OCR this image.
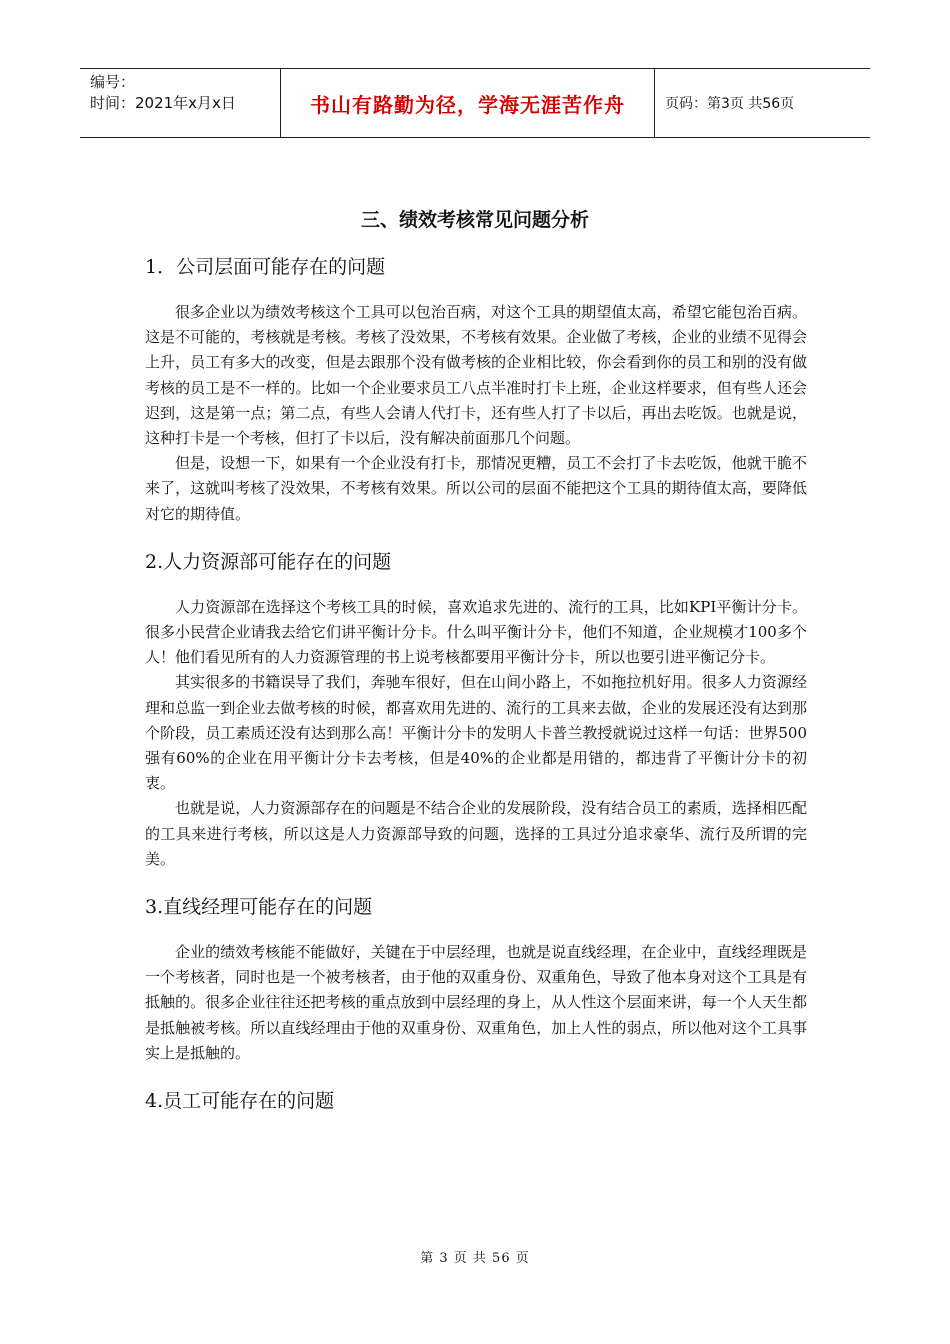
编号：
时间：2021年x月x日	书山有路勤为径，学海无涯苦作舟	页码：第3页 共56页
三、绩效考核常见问题分析
1．公司层面可能存在的问题

很多企业以为绩效考核这个工具可以包治百病，对这个工具的期望值太高，希望它能包治百病。这是不可能的，考核就是考核。考核了没效果，不考核有效果。企业做了考核，企业的业绩不见得会上升，员工有多大的改变，但是去跟那个没有做考核的企业相比较，你会看到你的员工和别的没有做考核的员工是不一样的。比如一个企业要求员工八点半准时打卡上班，企业这样要求，但有些人还会迟到，这是第一点；第二点，有些人会请人代打卡，还有些人打了卡以后，再出去吃饭。也就是说，这种打卡是一个考核，但打了卡以后，没有解决前面那几个问题。

但是，设想一下，如果有一个企业没有打卡，那情况更糟，员工不会打了卡去吃饭，他就干脆不来了，这就叫考核了没效果，不考核有效果。所以公司的层面不能把这个工具的期待值太高，要降低对它的期待值。

2.人力资源部可能存在的问题

人力资源部在选择这个考核工具的时候，喜欢追求先进的、流行的工具，比如KPI平衡计分卡。很多小民营企业请我去给它们讲平衡计分卡。什么叫平衡计分卡，他们不知道，企业规模才100多个人！他们看见所有的人力资源管理的书上说考核都要用平衡计分卡，所以也要引进平衡记分卡。

其实很多的书籍误导了我们，奔驰车很好，但在山间小路上，不如拖拉机好用。很多人力资源经理和总监一到企业去做考核的时候，都喜欢用先进的、流行的工具来去做，企业的发展还没有达到那个阶段，员工素质还没有达到那么高！平衡计分卡的发明人卡普兰教授就说过这样一句话：世界500强有60%的企业在用平衡计分卡去考核，但是40%的企业都是用错的，都违背了平衡计分卡的初衷。

也就是说，人力资源部存在的问题是不结合企业的发展阶段，没有结合员工的素质，选择相匹配的工具来进行考核，所以这是人力资源部导致的问题，选择的工具过分追求豪华、流行及所谓的完美。

3.直线经理可能存在的问题

企业的绩效考核能不能做好，关键在于中层经理，也就是说直线经理，在企业中，直线经理既是一个考核者，同时也是一个被考核者，由于他的双重身份、双重角色，导致了他本身对这个工具是有抵触的。很多企业往往还把考核的重点放到中层经理的身上，从人性这个层面来讲，每一个人天生都是抵触被考核。所以直线经理由于他的双重身份、双重角色，加上人性的弱点，所以他对这个工具事实上是抵触的。

4.员工可能存在的问题
第 3 页 共 56 页
